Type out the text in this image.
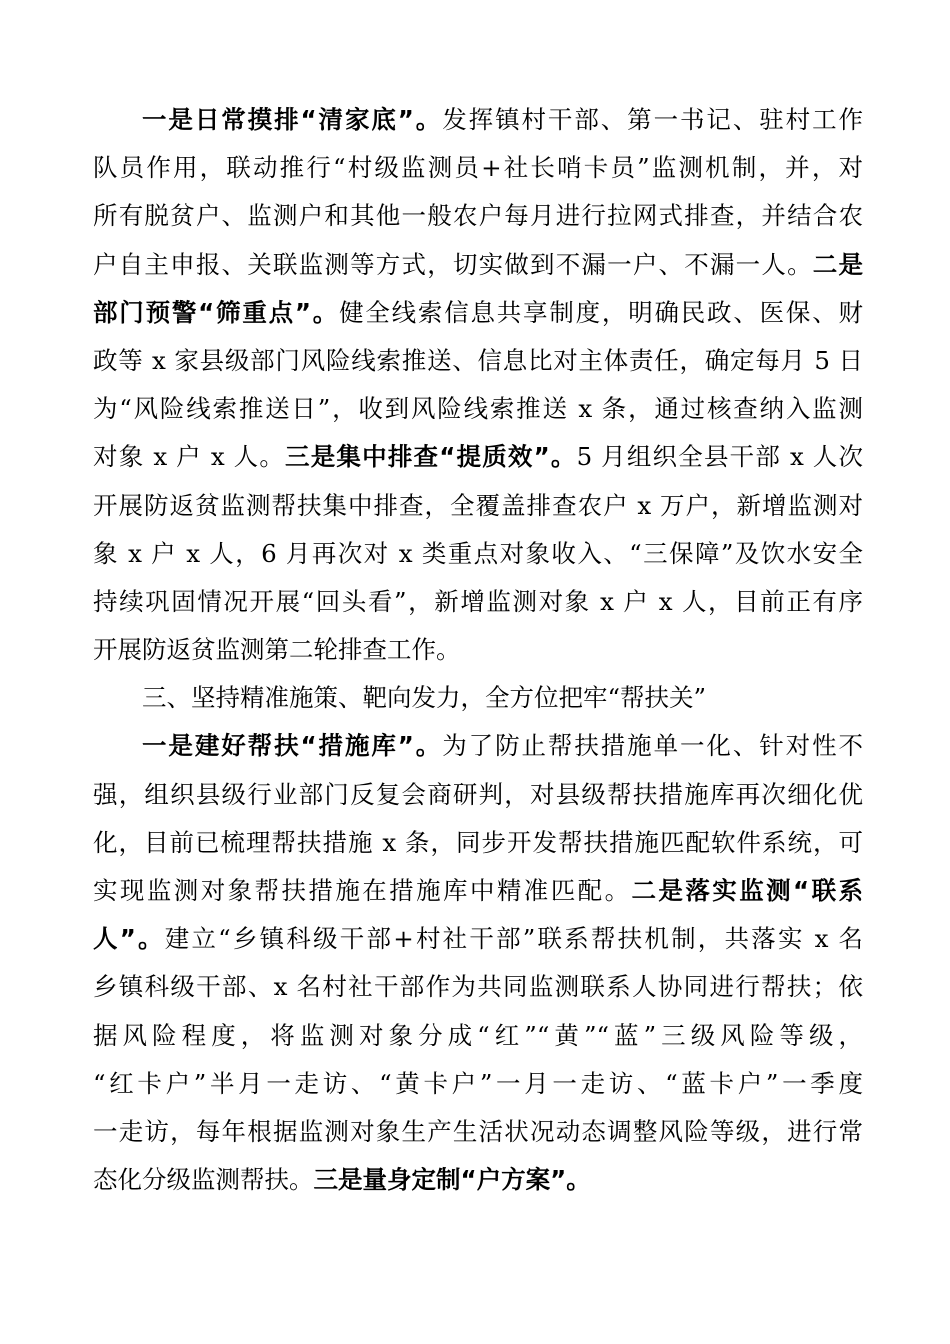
一是日常摸排“清家底”。发挥镇村干部、第一书记、驻村工作
队员作用，联动推行“村级监测员+社长哨卡员”监测机制，并，对
所有脱贫户、监测户和其他一般农户每月进行拉网式排查，并结合农
户自主申报、关联监测等方式，切实做到不漏一户、不漏一人。二是
部门预警“筛重点”。健全线索信息共享制度，明确民政、医保、财
政等 x 家县级部门风险线索推送、信息比对主体责任，确定每月 5 日
为“风险线索推送日”，收到风险线索推送 x 条，通过核查纳入监测
对象 x 户 x 人。三是集中排查“提质效”。5 月组织全县干部 x 人次
开展防返贫监测帮扶集中排查，全覆盖排查农户 x 万户，新增监测对
象 x 户 x 人，6 月再次对 x 类重点对象收入、“三保障”及饮水安全
持续巩固情况开展“回头看”，新增监测对象 x 户 x 人，目前正有序
开展防返贫监测第二轮排查工作。
三、坚持精准施策、靶向发力，全方位把牢“帮扶关”
一是建好帮扶“措施库”。为了防止帮扶措施单一化、针对性不
强，组织县级行业部门反复会商研判，对县级帮扶措施库再次细化优
化，目前已梳理帮扶措施 x 条，同步开发帮扶措施匹配软件系统，可
实现监测对象帮扶措施在措施库中精准匹配。二是落实监测“联系
人”。建立“乡镇科级干部+村社干部”联系帮扶机制，共落实 x 名
乡镇科级干部、x 名村社干部作为共同监测联系人协同进行帮扶；依
据风险程度，将监测对象分成“红”“黄”“蓝”三级风险等级，
“红卡户”半月一走访、“黄卡户”一月一走访、“蓝卡户”一季度
一走访，每年根据监测对象生产生活状况动态调整风险等级，进行常
态化分级监测帮扶。三是量身定制“户方案”。
